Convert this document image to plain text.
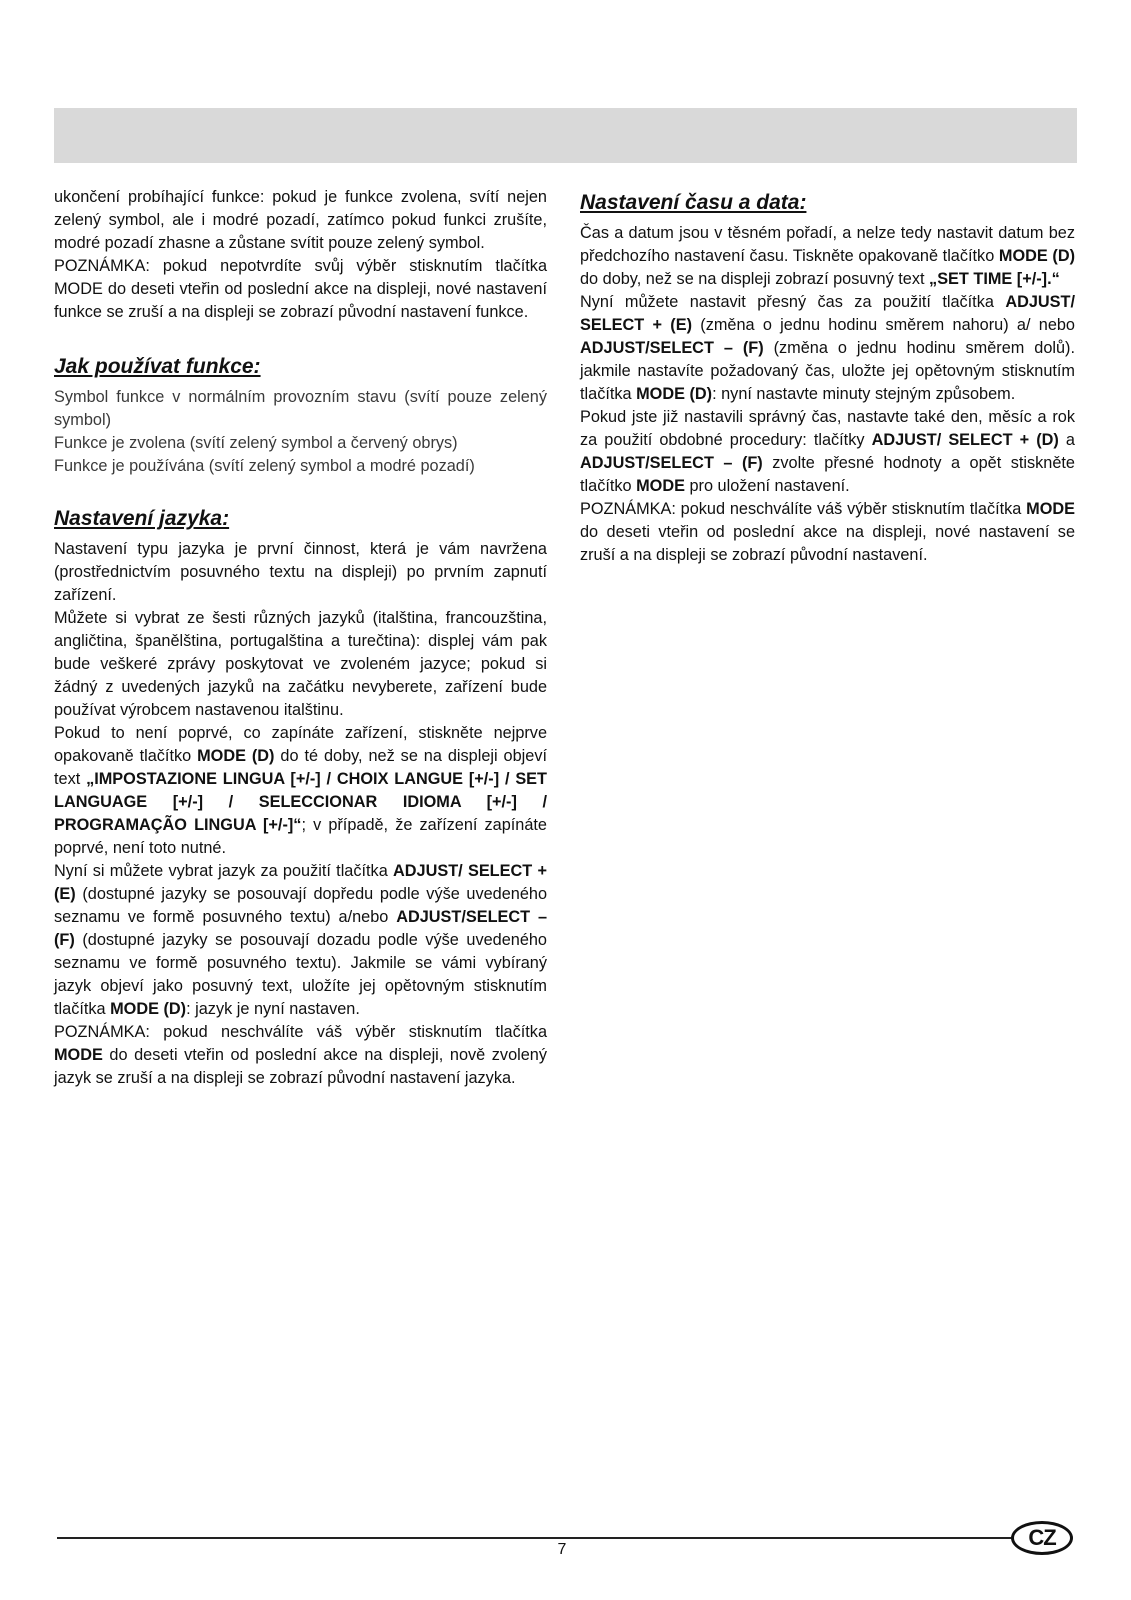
ukončení probíhající funkce: pokud je funkce zvolena, svítí nejen zelený symbol, ale i modré pozadí, zatímco pokud funkci zrušíte, modré pozadí zhasne a zůstane svítit pouze zelený symbol.

POZNÁMKA: pokud nepotvrdíte svůj výběr stisknutím tlačítka MODE do deseti vteřin od poslední akce na displeji, nové nastavení funkce se zruší a na displeji se zobrazí původní nastavení funkce.

Jak používat funkce:

Symbol funkce v normálním provozním stavu (svítí pouze zelený symbol)

Funkce je zvolena (svítí zelený symbol a červený obrys)

Funkce je používána (svítí zelený symbol a modré pozadí)

Nastavení jazyka:

Nastavení typu jazyka je první činnost, která je vám navržena (prostřednictvím posuvného textu na displeji) po prvním zapnutí zařízení.

Můžete si vybrat ze šesti různých jazyků (italština, francouzština, angličtina, španělština, portugalština a turečtina): displej vám pak bude veškeré zprávy poskytovat ve zvoleném jazyce; pokud si žádný z uvedených jazyků na začátku nevyberete, zařízení bude používat výrobcem nastavenou italštinu.

Pokud to není poprvé, co zapínáte zařízení, stiskněte nejprve opakovaně tlačítko MODE (D) do té doby, než se na displeji objeví text „IMPOSTAZIONE LINGUA [+/-] / CHOIX LANGUE [+/-] / SET LANGUAGE [+/-] / SELECCIONAR IDIOMA [+/-] / PROGRAMAÇÃO LINGUA [+/-]“; v případě, že zařízení zapínáte poprvé, není toto nutné.

Nyní si můžete vybrat jazyk za použití tlačítka ADJUST/ SELECT + (E) (dostupné jazyky se posouvají dopředu podle výše uvedeného seznamu ve formě posuvného textu) a/nebo ADJUST/SELECT – (F) (dostupné jazyky se posouvají dozadu podle výše uvedeného seznamu ve formě posuvného textu). Jakmile se vámi vybíraný jazyk objeví jako posuvný text, uložíte jej opětovným stisknutím tlačítka MODE (D): jazyk je nyní nastaven.

POZNÁMKA: pokud neschválíte váš výběr stisknutím tlačítka MODE do deseti vteřin od poslední akce na displeji, nově zvolený jazyk se zruší a na displeji se zobrazí původní nastavení jazyka.

Nastavení času a data:

Čas a datum jsou v těsném pořadí, a nelze tedy nastavit datum bez předchozího nastavení času. Tiskněte opakovaně tlačítko MODE (D) do doby, než se na displeji zobrazí posuvný text „SET TIME [+/-].“

Nyní můžete nastavit přesný čas za použití tlačítka ADJUST/ SELECT + (E) (změna o jednu hodinu směrem nahoru) a/ nebo ADJUST/SELECT – (F) (změna o jednu hodinu směrem dolů). jakmile nastavíte požadovaný čas, uložte jej opětovným stisknutím tlačítka MODE (D): nyní nastavte minuty stejným způsobem.

Pokud jste již nastavili správný čas, nastavte také den, měsíc a rok za použití obdobné procedury: tlačítky ADJUST/ SELECT + (D) a ADJUST/SELECT – (F) zvolte přesné hodnoty a opět stiskněte tlačítko MODE pro uložení nastavení.

POZNÁMKA: pokud neschválíte váš výběr stisknutím tlačítka MODE do deseti vteřin od poslední akce na displeji, nové nastavení se zruší a na displeji se zobrazí původní nastavení.

7	CZ
